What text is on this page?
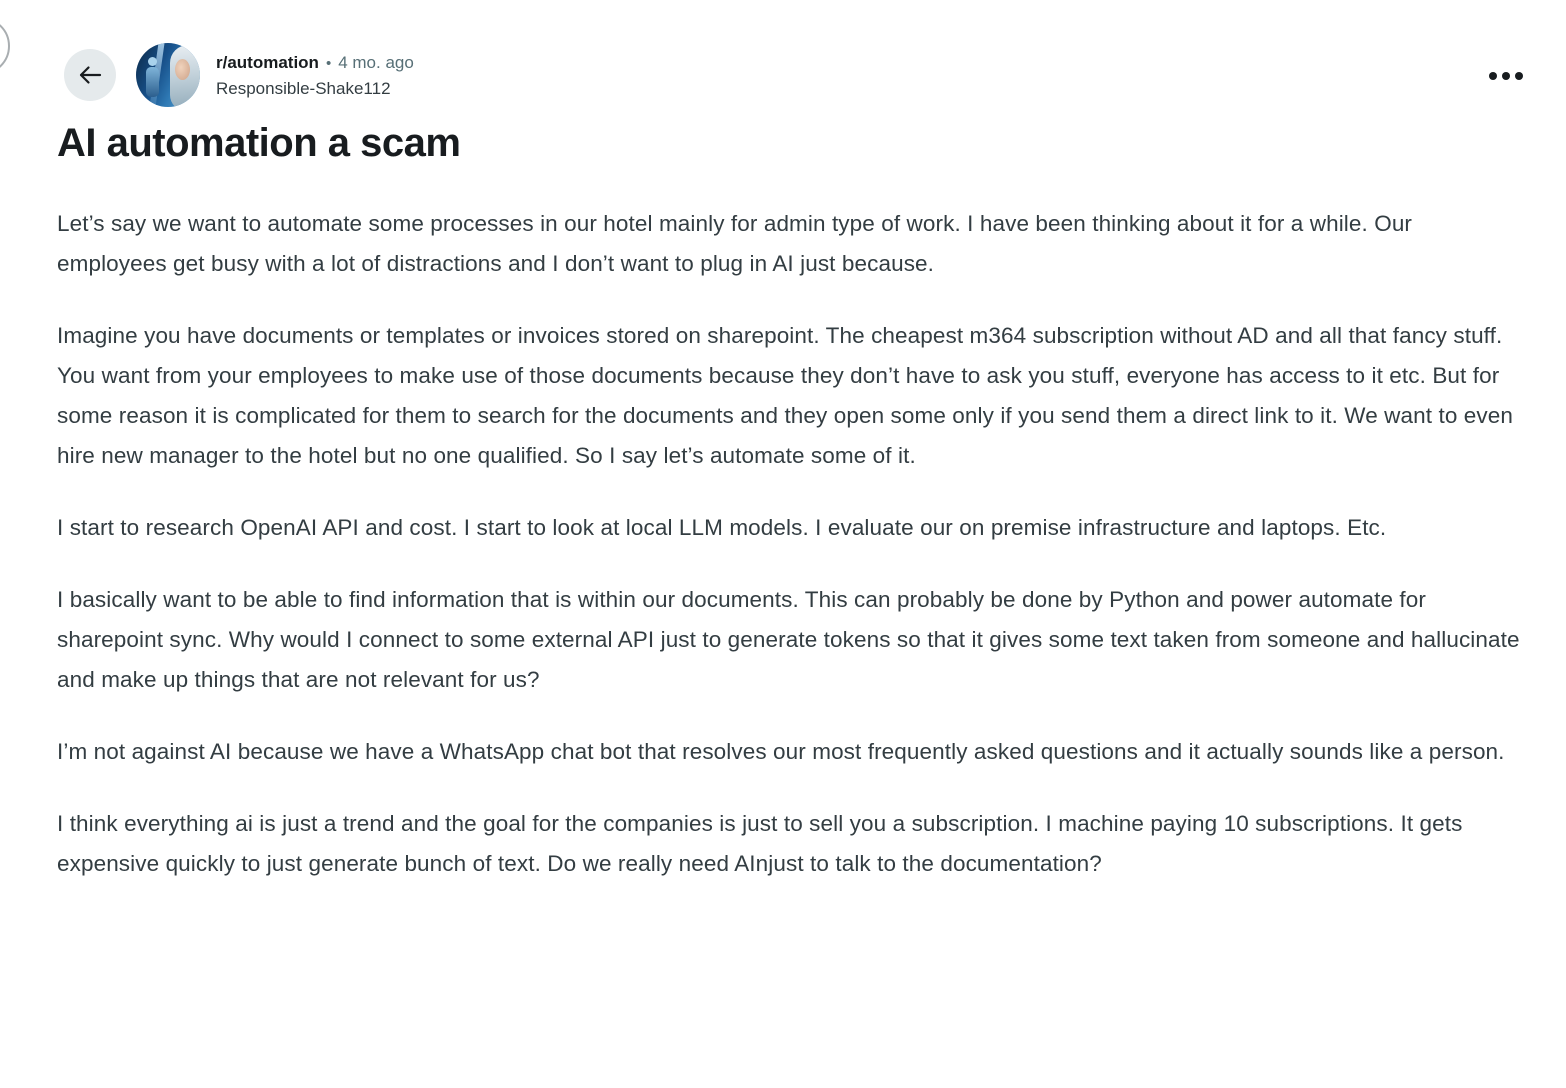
r/automation • 4 mo. ago
Responsible-Shake112
AI automation a scam

Let’s say we want to automate some processes in our hotel mainly for admin type of work. I have been thinking about it for a while. Our employees get busy with a lot of distractions and I don’t want to plug in AI just because.

Imagine you have documents or templates or invoices stored on sharepoint. The cheapest m364 subscription without AD and all that fancy stuff. You want from your employees to make use of those documents because they don’t have to ask you stuff, everyone has access to it etc. But for some reason it is complicated for them to search for the documents and they open some only if you send them a direct link to it. We want to even hire new manager to the hotel but no one qualified. So I say let’s automate some of it.

I start to research OpenAI API and cost. I start to look at local LLM models. I evaluate our on premise infrastructure and laptops. Etc.

I basically want to be able to find information that is within our documents. This can probably be done by Python and power automate for sharepoint sync. Why would I connect to some external API just to generate tokens so that it gives some text taken from someone and hallucinate and make up things that are not relevant for us?

I’m not against AI because we have a WhatsApp chat bot that resolves our most frequently asked questions and it actually sounds like a person.

I think everything ai is just a trend and the goal for the companies is just to sell you a subscription. I machine paying 10 subscriptions. It gets expensive quickly to just generate bunch of text. Do we really need AInjust to talk to the documentation?
